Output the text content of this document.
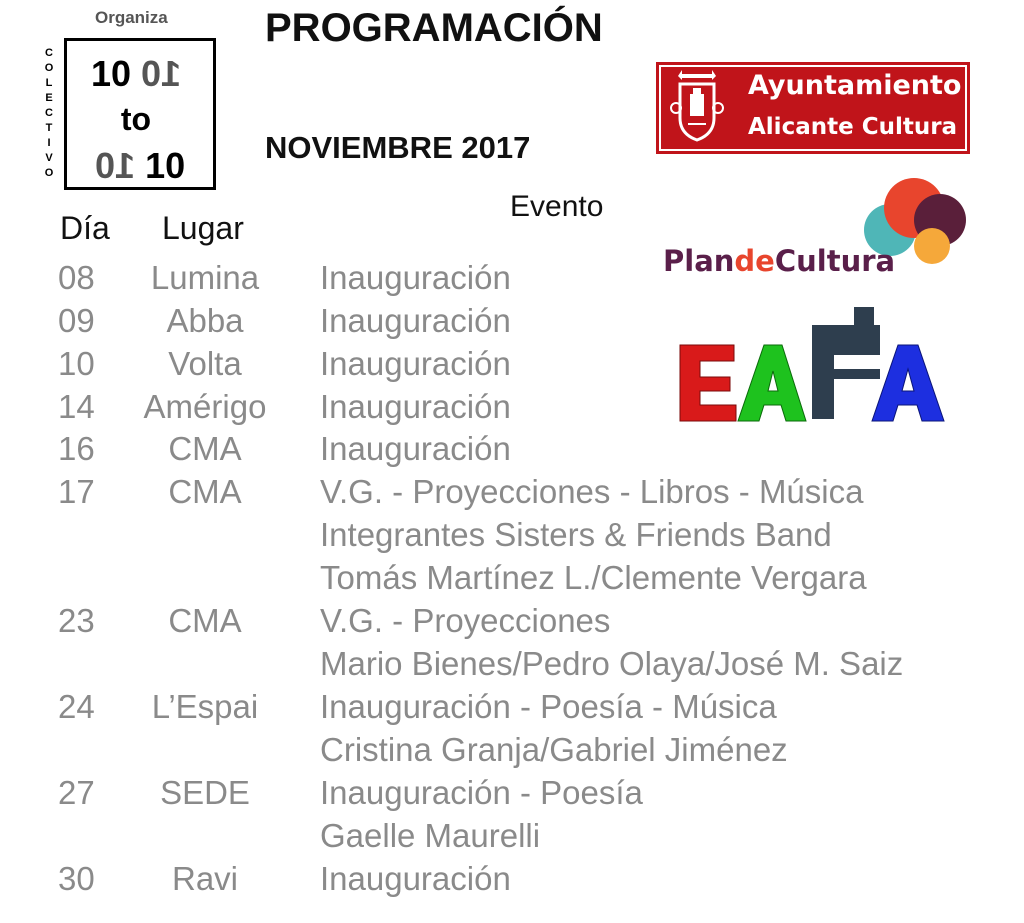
Organiza
C
O
L
E
C
T
I
V
O
10 10
to
10 10
PROGRAMACIÓN
NOVIEMBRE 2017
Ayuntamiento
Alicante Cultura
PlandeCultura
EAFA
Evento
Día Lugar
08	Lumina	Inauguración
09	Abba	Inauguración
10	Volta	Inauguración
14	Amérigo	Inauguración
16	CMA	Inauguración
17	CMA	V.G. - Proyecciones - Libros - Música
Integrantes Sisters & Friends Band
Tomás Martínez L./Clemente Vergara
23	CMA	V.G. - Proyecciones
Mario Bienes/Pedro Olaya/José M. Saiz
24	L’Espai	Inauguración - Poesía - Música
Cristina Granja/Gabriel Jiménez
27	SEDE	Inauguración - Poesía
Gaelle Maurelli
30	Ravi	Inauguración
